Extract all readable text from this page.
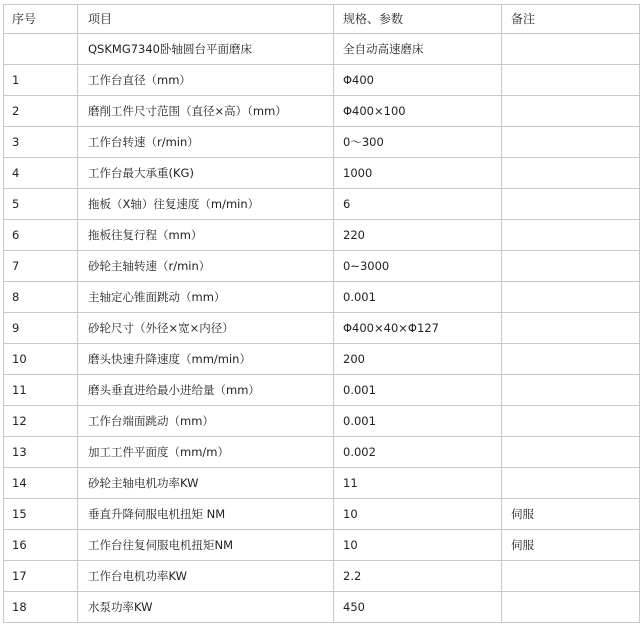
序号	项目	规格、参数	备注
	QSKMG7340卧轴圆台平面磨床	全自动高速磨床	
1	工作台直径（mm）	Φ400	
2	磨削工件尺寸范围（直径×高）（mm）	Φ400×100	
3	工作台转速（r/min）	0～300	
4	工作台最大承重(KG)	1000	
5	拖板（X轴）往复速度（m/min）	6	
6	拖板往复行程（mm）	220	
7	砂轮主轴转速（r/min）	0~3000	
8	主轴定心锥面跳动（mm）	0.001	
9	砂轮尺寸（外径×宽×内径）	Φ400×40×Φ127	
10	磨头快速升降速度（mm/min）	200	
11	磨头垂直进给最小进给量（mm）	0.001	
12	工作台端面跳动（mm）	0.001	
13	加工工件平面度（mm/m）	0.002	
14	砂轮主轴电机功率KW	11	
15	垂直升降伺服电机扭矩 NM	10	伺服
16	工作台往复伺服电机扭矩NM	10	伺服
17	工作台电机功率KW	2.2	
18	水泵功率KW	450	
